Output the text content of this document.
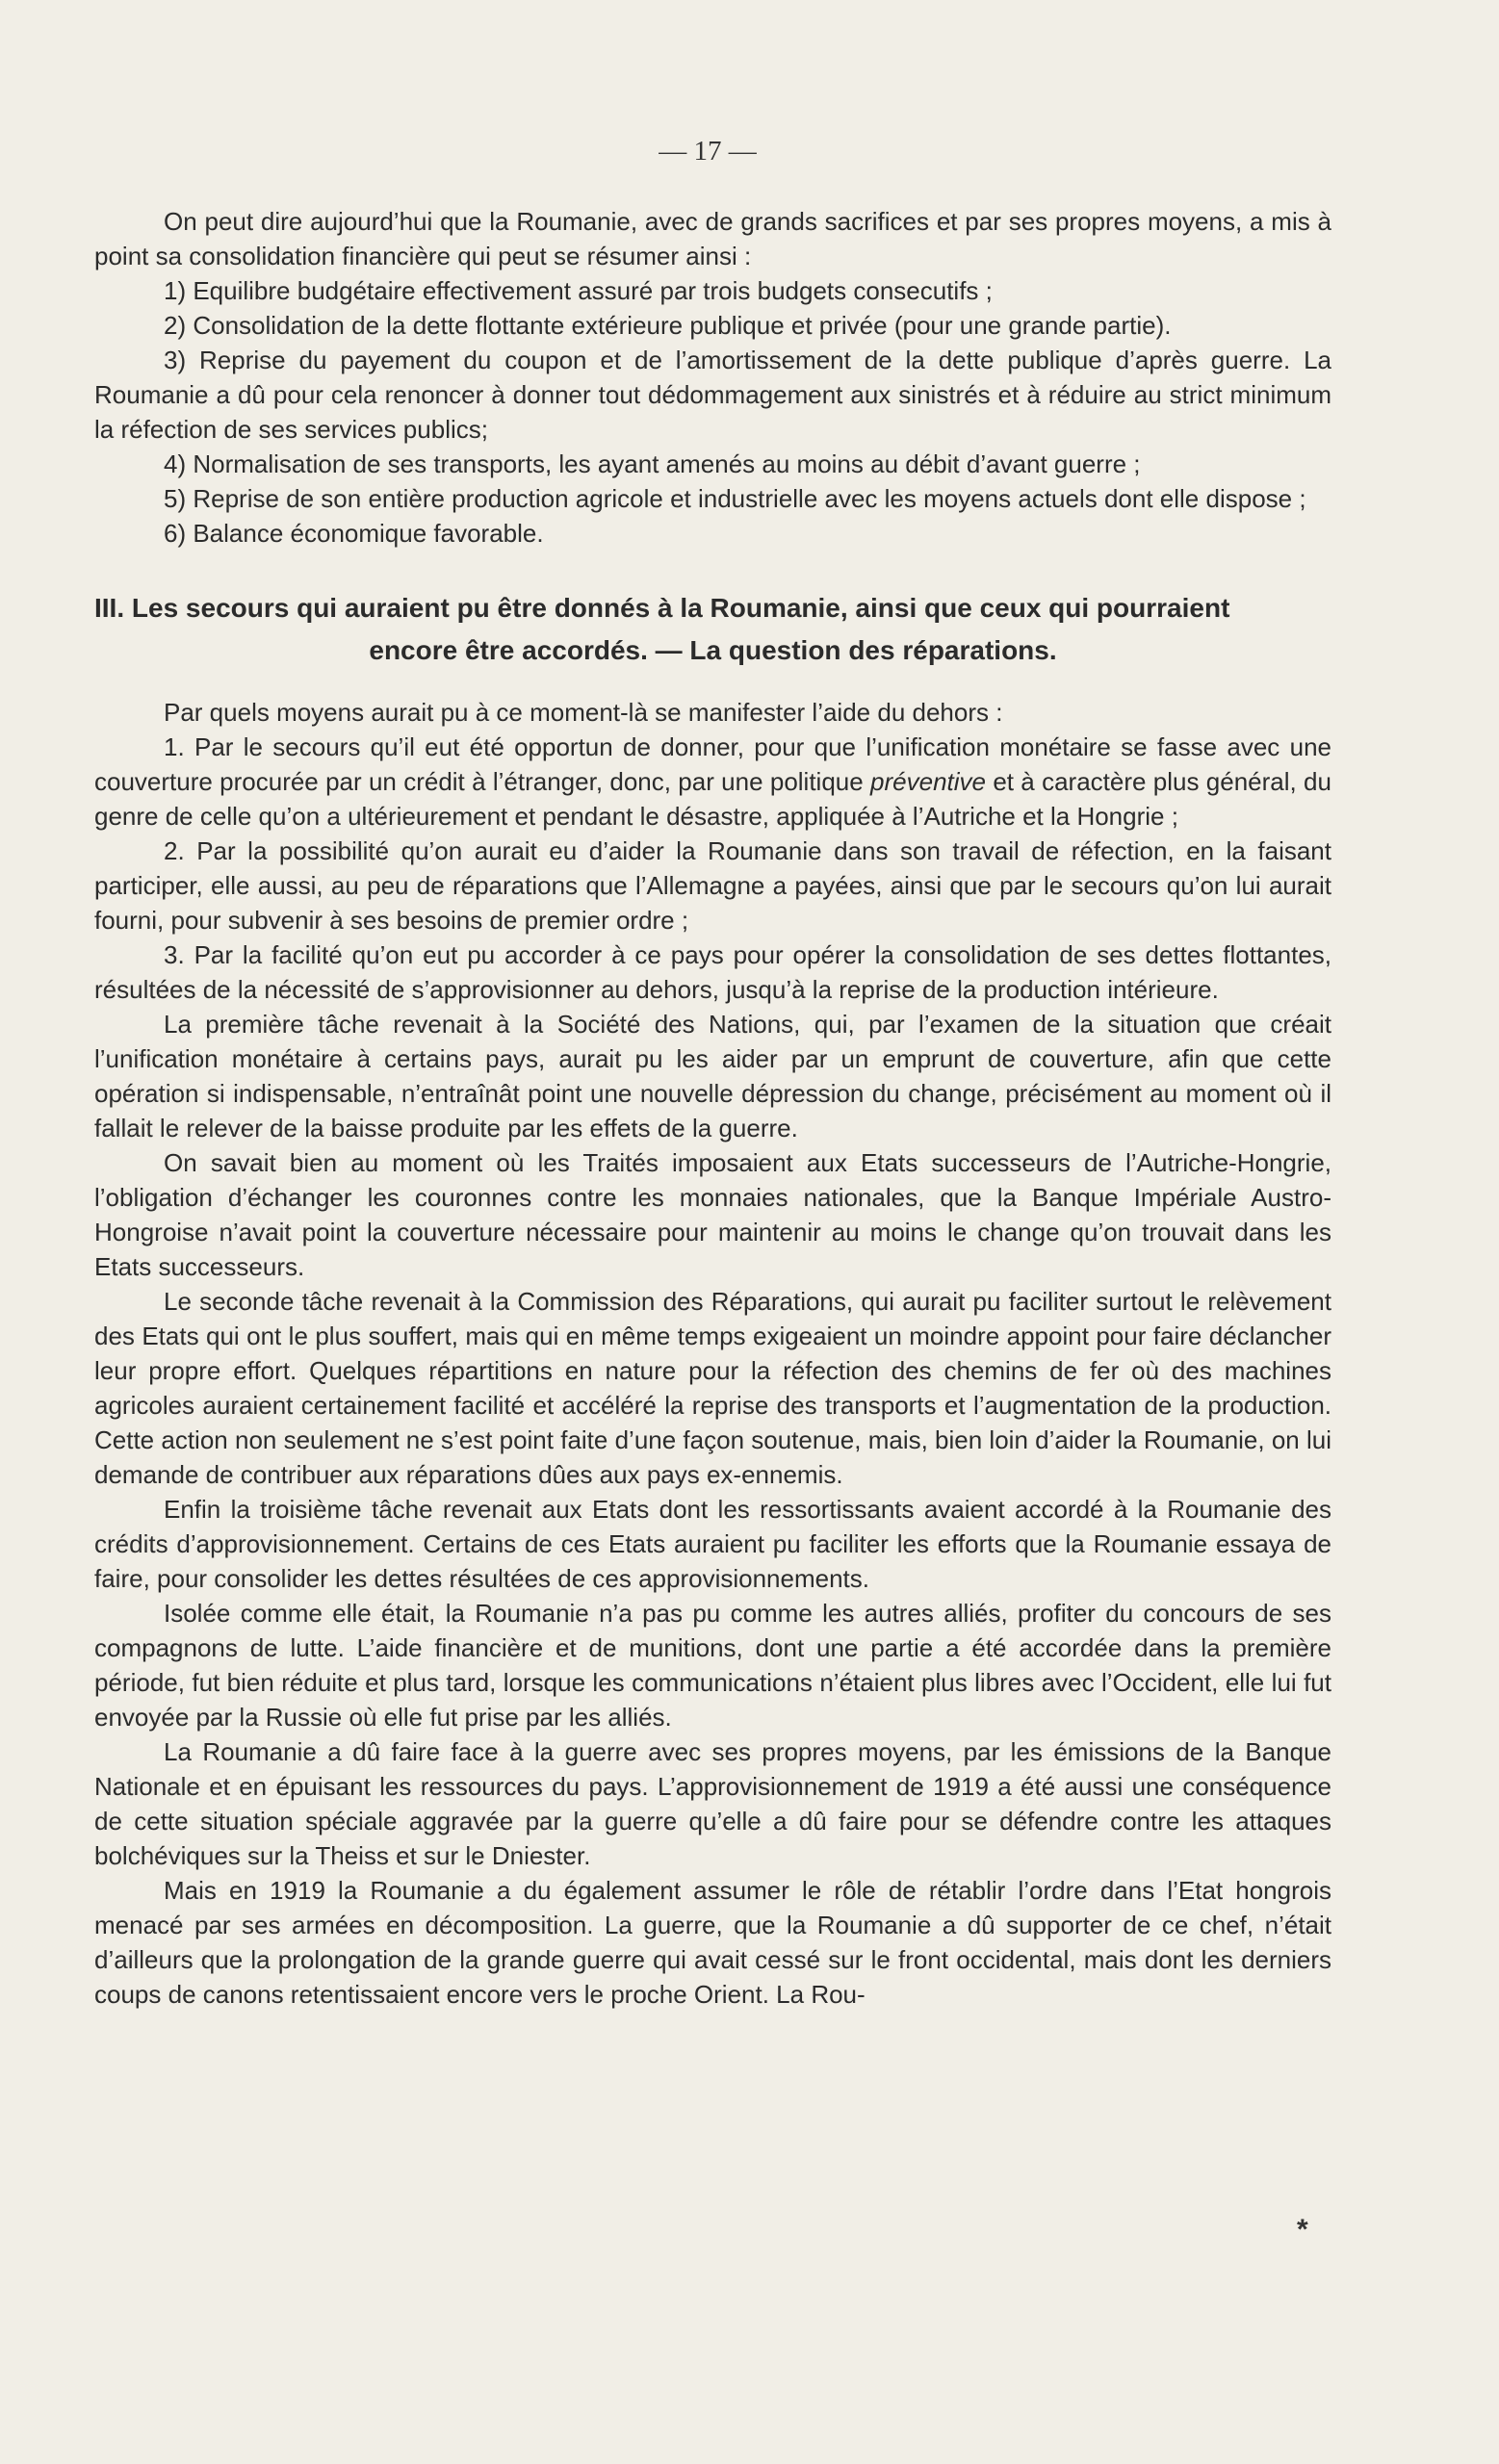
— 17 —

On peut dire aujourd’hui que la Roumanie, avec de grands sacrifices et par ses propres moyens, a mis à point sa consolidation financière qui peut se résumer ainsi :

1) Equilibre budgétaire effectivement assuré par trois budgets consecutifs ;

2) Consolidation de la dette flottante extérieure publique et privée (pour une grande partie).

3) Reprise du payement du coupon et de l’amortissement de la dette publique d’après guerre. La Roumanie a dû pour cela renoncer à donner tout dédommagement aux sinistrés et à réduire au strict minimum la réfection de ses services publics;

4) Normalisation de ses transports, les ayant amenés au moins au débit d’avant guerre ;

5) Reprise de son entière production agricole et industrielle avec les moyens actuels dont elle dispose ;

6) Balance économique favorable.

III. Les secours qui auraient pu être donnés à la Roumanie, ainsi que ceux qui pourraient
encore être accordés. — La question des réparations.

Par quels moyens aurait pu à ce moment-là se manifester l’aide du dehors :

1. Par le secours qu’il eut été opportun de donner, pour que l’unification monétaire se fasse avec une couverture procurée par un crédit à l’étranger, donc, par une politique préventive et à caractère plus général, du genre de celle qu’on a ultérieurement et pendant le désastre, appliquée à l’Autriche et la Hongrie ;

2. Par la possibilité qu’on aurait eu d’aider la Roumanie dans son travail de réfection, en la faisant participer, elle aussi, au peu de réparations que l’Allemagne a payées, ainsi que par le secours qu’on lui aurait fourni, pour subvenir à ses besoins de premier ordre ;

3. Par la facilité qu’on eut pu accorder à ce pays pour opérer la consolidation de ses dettes flottantes, résultées de la nécessité de s’approvisionner au dehors, jusqu’à la reprise de la production intérieure.

La première tâche revenait à la Société des Nations, qui, par l’examen de la situation que créait l’unification monétaire à certains pays, aurait pu les aider par un emprunt de couverture, afin que cette opération si indispensable, n’entraînât point une nouvelle dépression du change, précisément au moment où il fallait le relever de la baisse produite par les effets de la guerre.

On savait bien au moment où les Traités imposaient aux Etats successeurs de l’Autriche-Hongrie, l’obligation d’échanger les couronnes contre les monnaies nationales, que la Banque Impériale Austro-Hongroise n’avait point la couverture nécessaire pour maintenir au moins le change qu’on trouvait dans les Etats successeurs.

Le seconde tâche revenait à la Commission des Réparations, qui aurait pu faciliter surtout le relèvement des Etats qui ont le plus souffert, mais qui en même temps exigeaient un moindre appoint pour faire déclancher leur propre effort. Quelques répartitions en nature pour la réfection des chemins de fer où des machines agricoles auraient certainement facilité et accéléré la reprise des transports et l’augmentation de la production. Cette action non seulement ne s’est point faite d’une façon soutenue, mais, bien loin d’aider la Roumanie, on lui demande de contribuer aux réparations dûes aux pays ex-ennemis.

Enfin la troisième tâche revenait aux Etats dont les ressortissants avaient accordé à la Roumanie des crédits d’approvisionnement. Certains de ces Etats auraient pu faciliter les efforts que la Roumanie essaya de faire, pour consolider les dettes résultées de ces approvisionnements.

Isolée comme elle était, la Roumanie n’a pas pu comme les autres alliés, profiter du concours de ses compagnons de lutte. L’aide financière et de munitions, dont une partie a été accordée dans la première période, fut bien réduite et plus tard, lorsque les communications n’étaient plus libres avec l’Occident, elle lui fut envoyée par la Russie où elle fut prise par les alliés.

La Roumanie a dû faire face à la guerre avec ses propres moyens, par les émissions de la Banque Nationale et en épuisant les ressources du pays. L’approvisionnement de 1919 a été aussi une conséquence de cette situation spéciale aggravée par la guerre qu’elle a dû faire pour se défendre contre les attaques bolchéviques sur la Theiss et sur le Dniester.

Mais en 1919 la Roumanie a du également assumer le rôle de rétablir l’ordre dans l’Etat hongrois menacé par ses armées en décomposition. La guerre, que la Roumanie a dû supporter de ce chef, n’était d’ailleurs que la prolongation de la grande guerre qui avait cessé sur le front occidental, mais dont les derniers coups de canons retentissaient encore vers le proche Orient. La Rou-

*
